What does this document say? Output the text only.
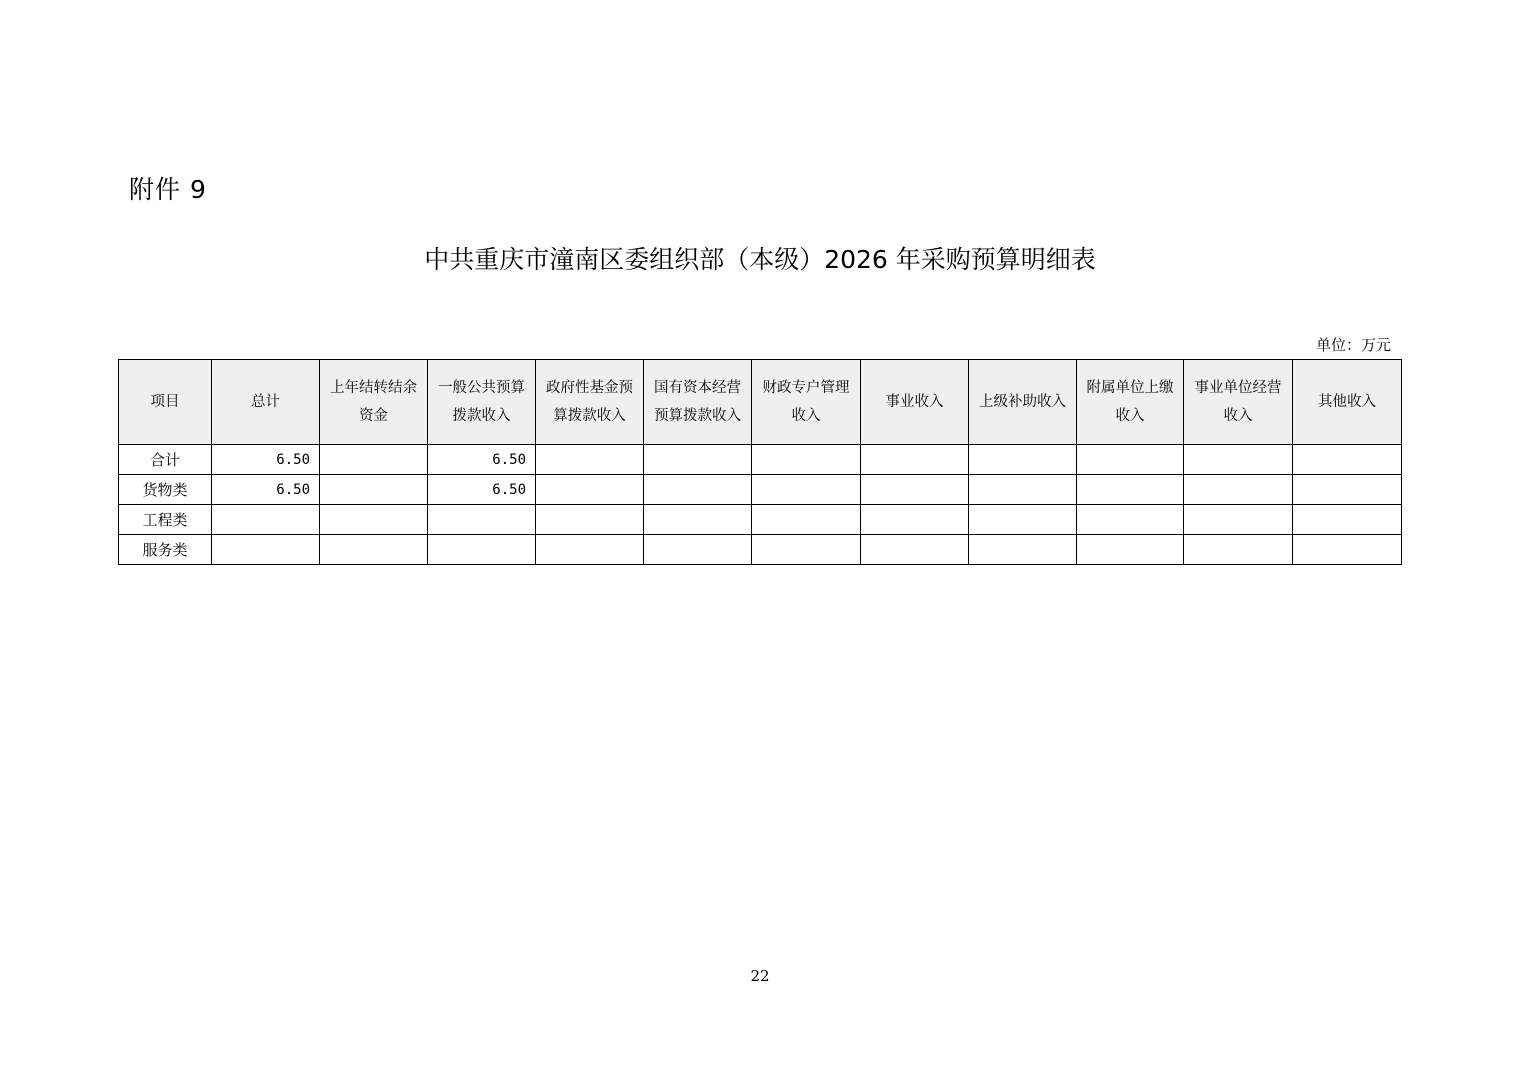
附件 9
中共重庆市潼南区委组织部（本级）2026 年采购预算明细表
单位：万元
项目	总计	上年结转结余资金	一般公共预算拨款收入	政府性基金预算拨款收入	国有资本经营预算拨款收入	财政专户管理收入	事业收入	上级补助收入	附属单位上缴收入	事业单位经营收入	其他收入
合计	6.50		6.50								
货物类	6.50		6.50								
工程类											
服务类											
22
